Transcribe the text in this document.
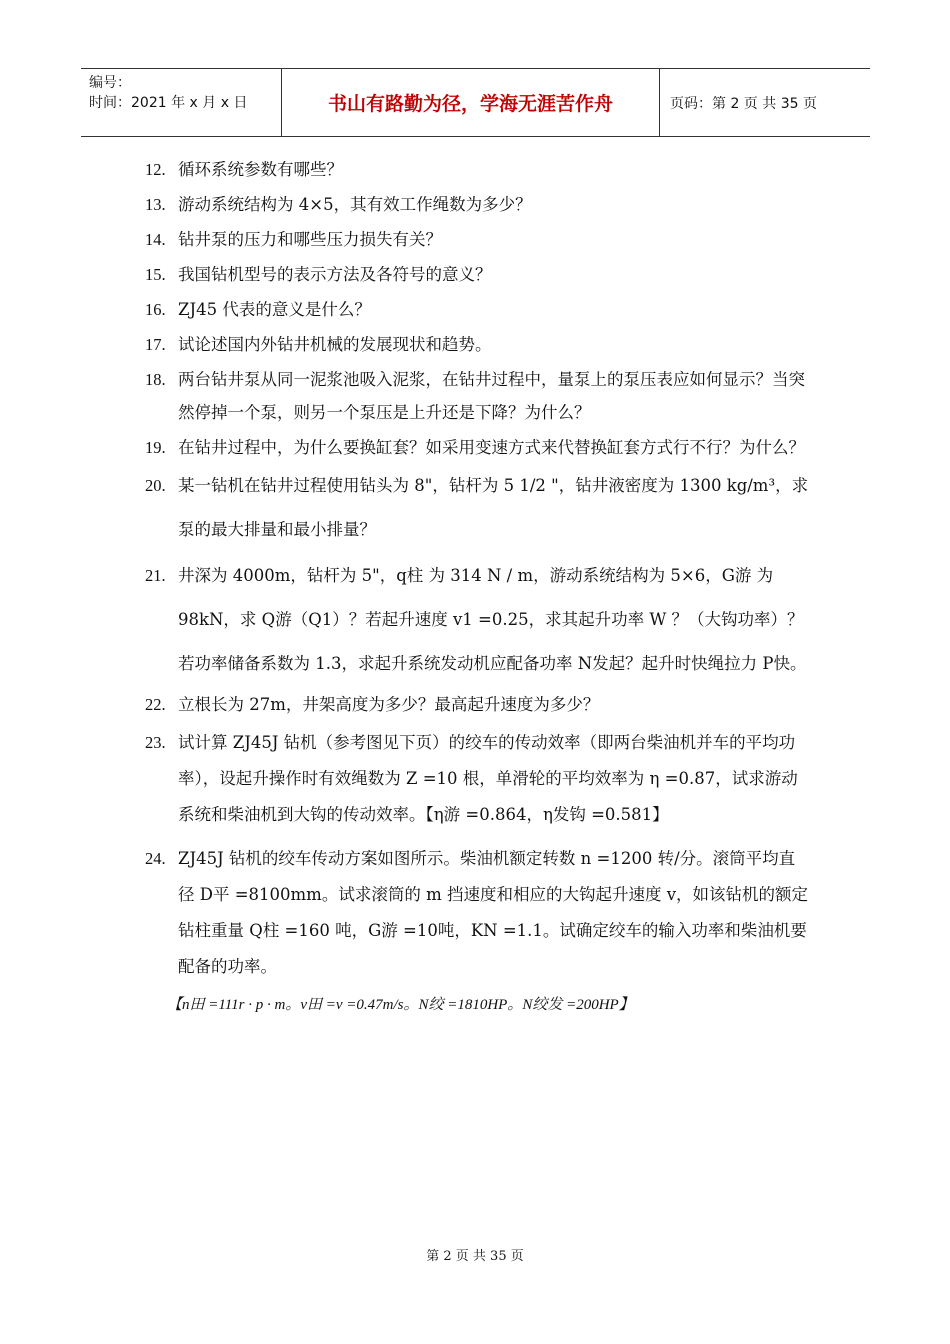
编号：
时间：2021 年 x 月 x 日	书山有路勤为径，学海无涯苦作舟	页码：第 2 页 共 35 页

12. 循环系统参数有哪些？

13. 游动系统结构为 4×5，其有效工作绳数为多少？

14. 钻井泵的压力和哪些压力损失有关？

15. 我国钻机型号的表示方法及各符号的意义？

16. ZJ45 代表的意义是什么？

17. 试论述国内外钻井机械的发展现状和趋势。

18. 两台钻井泵从同一泥浆池吸入泥浆，在钻井过程中，量泵上的泵压表应如何显示？当突然停掉一个泵，则另一个泵压是上升还是下降？为什么？

19. 在钻井过程中，为什么要换缸套？如采用变速方式来代替换缸套方式行不行？为什么？

20. 某一钻机在钻井过程使用钻头为 8"，钻杆为 5 1/2 "，钻井液密度为 1300 kg/m³，求泵的最大排量和最小排量？

21. 井深为 4000m，钻杆为 5"，q柱 为 314 N / m，游动系统结构为 5×6，G游 为 98kN，求 Q游（Q1）？若起升速度 v1 =0.25，求其起升功率 W ？（大钩功率）？若功率储备系数为 1.3，求起升系统发动机应配备功率 N发起？起升时快绳拉力 P快。

22. 立根长为 27m，井架高度为多少？最高起升速度为多少？

23. 试计算 ZJ45J 钻机（参考图见下页）的绞车的传动效率（即两台柴油机并车的平均功率），设起升操作时有效绳数为 Z =10 根，单滑轮的平均效率为 η =0.87，试求游动系统和柴油机到大钩的传动效率。【η游 =0.864，η发钩 =0.581】

24. ZJ45J 钻机的绞车传动方案如图所示。柴油机额定转数 n =1200 转/分。滚筒平均直径 D平 =8100mm。试求滚筒的 m 挡速度和相应的大钩起升速度 v，如该钻机的额定钻柱重量 Q柱 =160 吨，G游 =10吨，KN =1.1。试确定绞车的输入功率和柴油机要配备的功率。

【n田 =111r · p · m。v田 =v =0.47m/s。N绞 =1810HP。N绞发 =200HP】

第 2 页 共 35 页
